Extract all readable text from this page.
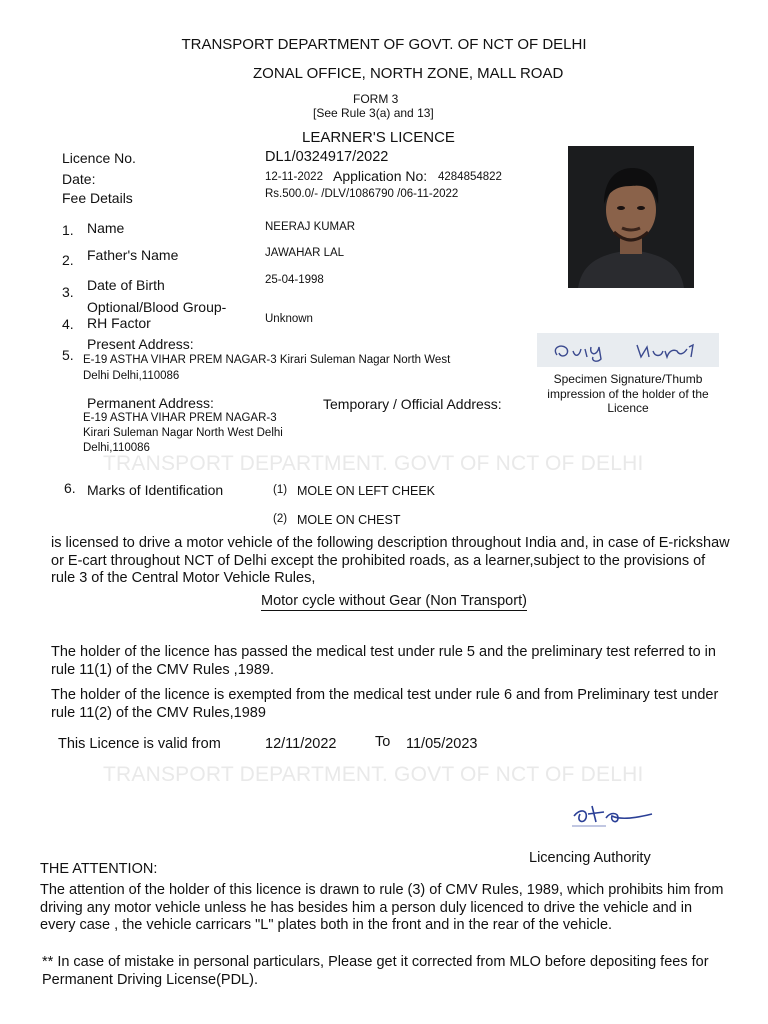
TRANSPORT DEPARTMENT OF GOVT. OF NCT OF DELHI
ZONAL OFFICE, NORTH ZONE, MALL ROAD
FORM 3
[See Rule 3(a) and 13]
LEARNER'S LICENCE
Licence No.	DL1/0324917/2022
Date:	12-11-2022 Application No: 4284854822
Fee Details	Rs.500.0/- /DLV/1086790 /06-11-2022
1. Name	NEERAJ KUMAR
2. Father's Name	JAWAHAR LAL
3. Date of Birth	25-04-1998
4.
Optional/Blood Group-
RH Factor	Unknown
5.
Present Address:
E-19 ASTHA VIHAR PREM NAGAR-3 Kirari Suleman Nagar North West
Delhi Delhi,110086	Specimen Signature/Thumb
impression of the holder of the
Licence
Permanent Address:
E-19 ASTHA VIHAR PREM NAGAR-3
Kirari Suleman Nagar North West Delhi
Delhi,110086
Temporary / Official Address:
TRANSPORT DEPARTMENT. GOVT OF NCT OF DELHI
6. Marks of Identification	(1) MOLE ON LEFT CHEEK
(2) MOLE ON CHEST
is licensed to drive a motor vehicle of the following description throughout India and, in case of E-rickshaw or E-cart throughout NCT of Delhi except the prohibited roads, as a learner,subject to the provisions of rule 3 of the Central Motor Vehicle Rules,
Motor cycle without Gear (Non Transport)
The holder of the licence has passed the medical test under rule 5 and the preliminary test referred to in rule 11(1) of the CMV Rules ,1989.
The holder of the licence is exempted from the medical test under rule 6 and from Preliminary test under rule 11(2) of the CMV Rules,1989
This Licence is valid from	12/11/2022	To 11/05/2023
TRANSPORT DEPARTMENT. GOVT OF NCT OF DELHI
Licencing Authority
THE ATTENTION:
The attention of the holder of this licence is drawn to rule (3) of CMV Rules, 1989, which prohibits him from driving any motor vehicle unless he has besides him a person duly licenced to drive the vehicle and in every case , the vehicle carricars "L" plates both in the front and in the rear of the vehicle.
** In case of mistake in personal particulars, Please get it corrected from MLO before depositing fees for Permanent Driving License(PDL).
